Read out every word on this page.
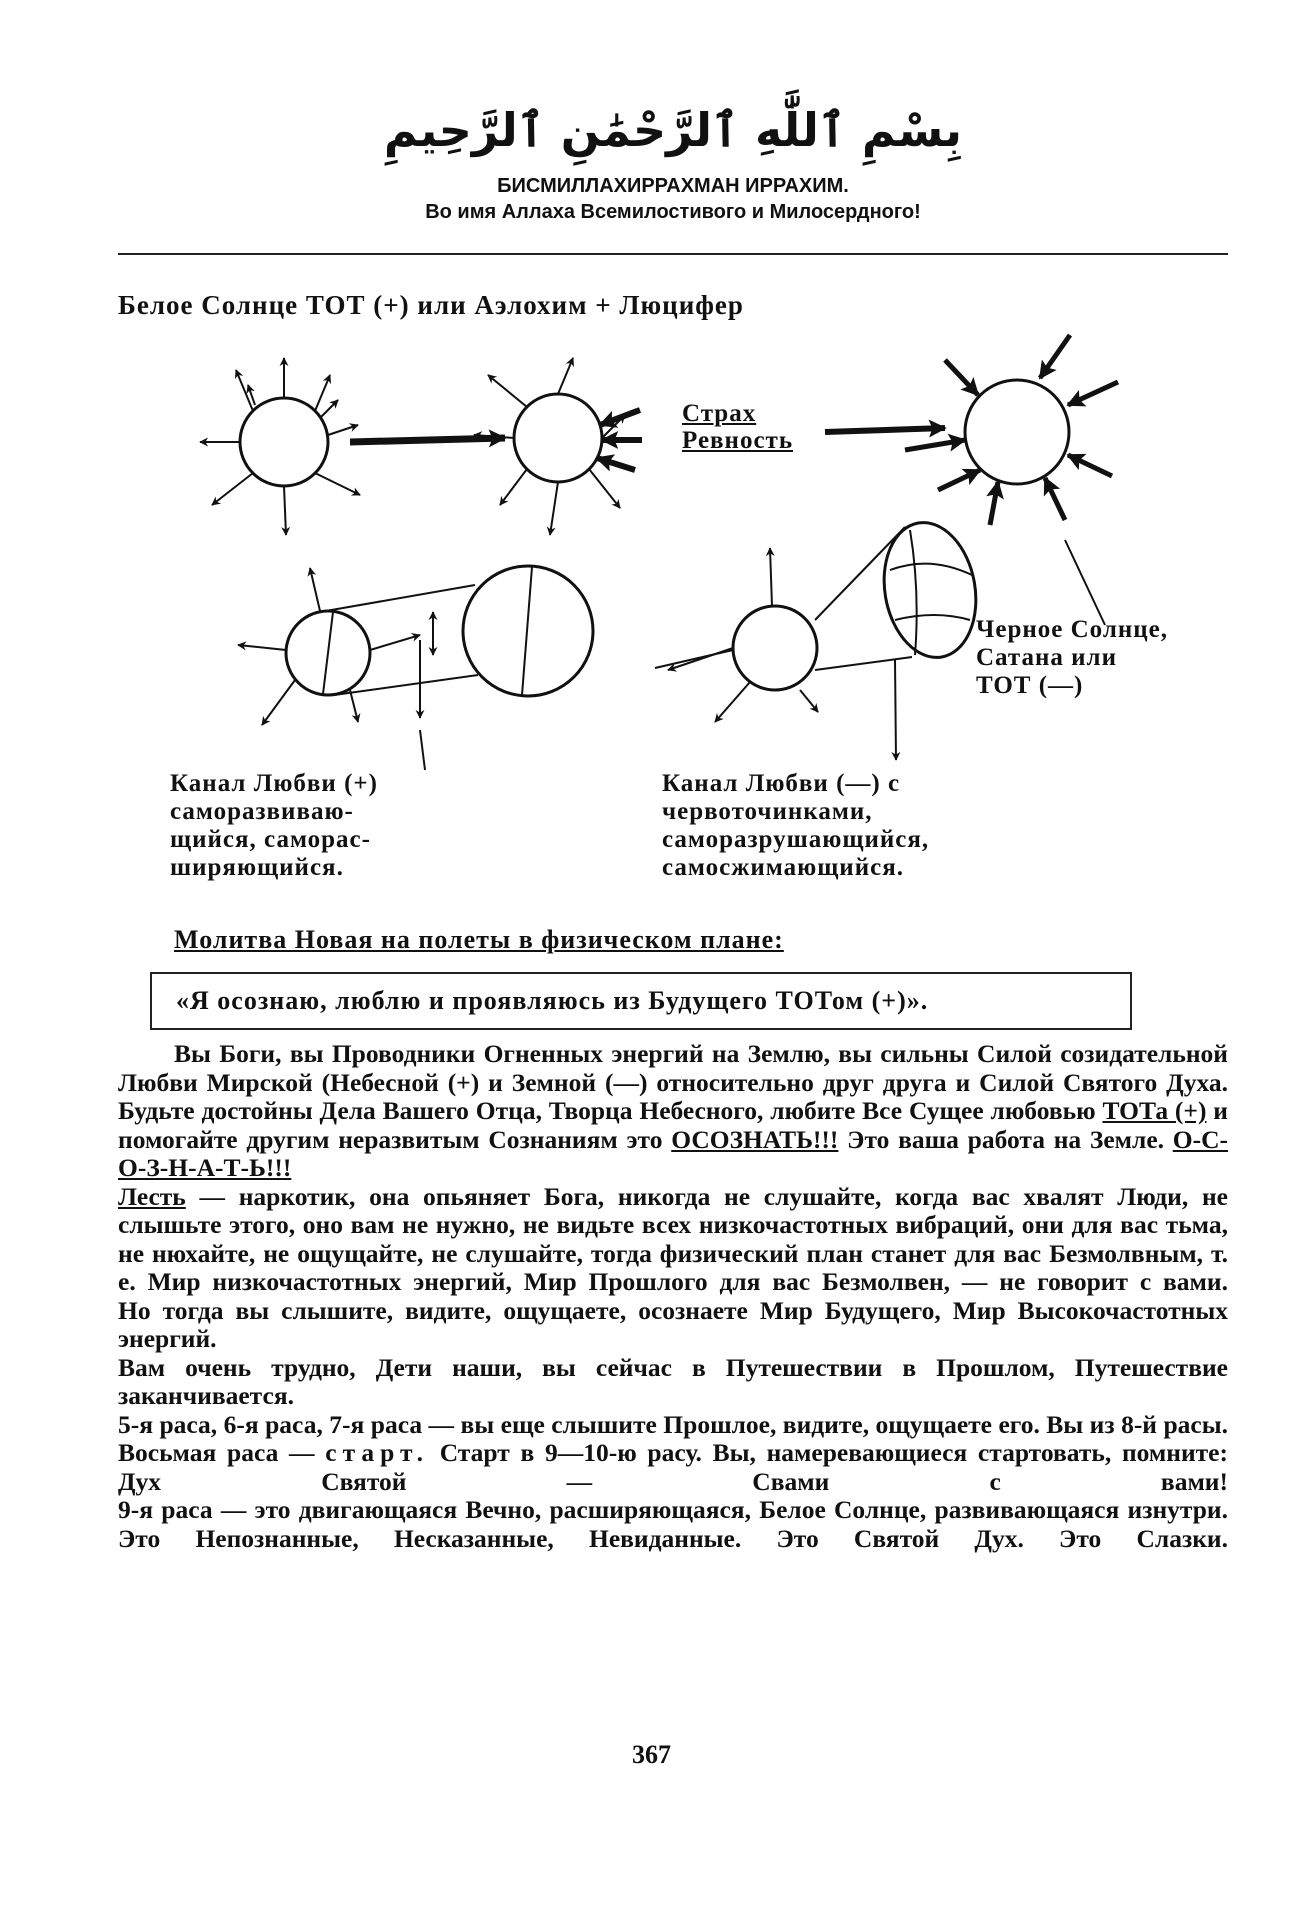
بِسْمِ ٱللَّٰهِ ٱلرَّحْمَٰنِ ٱلرَّحِيمِ
БИСМИЛЛАХИРРАХМАН ИРРАХИМ.
Во имя Аллаха Всемилостивого и Милосердного!
Белое Солнце ТОТ (+) или Аэлохим + Люцифер
Страх
Ревность
Черное Солнце,
Сатана или
ТОТ (—)
Канал Любви (+)
саморазвиваю-
щийся, саморас-
ширяющийся.
Канал Любви (—) с
червоточинками,
саморазрушающийся,
самосжимающийся.
Молитва Новая на полеты в физическом плане:
«Я осознаю, люблю и проявляюсь из Будущего ТОТом (+)».

Вы Боги, вы Проводники Огненных энергий на Землю, вы сильны Силой созидательной Любви Мирской (Небесной (+) и Земной (—) относительно друг друга и Силой Святого Духа. Будьте достойны Дела Вашего Отца, Творца Небесного, любите Все Сущее любовью ТОТа (+) и помогайте другим неразвитым Сознаниям это ОСОЗНАТЬ!!! Это ваша работа на Земле. О-С-О-З-Н-А-Т-Ь!!!

Лесть — наркотик, она опьяняет Бога, никогда не слушайте, когда вас хвалят Люди, не слышьте этого, оно вам не нужно, не видьте всех низкочастотных вибраций, они для вас тьма, не нюхайте, не ощущайте, не слушайте, тогда физический план станет для вас Безмолвным, т. е. Мир низкочастотных энергий, Мир Прошлого для вас Безмолвен, — не говорит с вами.

Но тогда вы слышите, видите, ощущаете, осознаете Мир Будущего, Мир Высокочастотных энергий.

Вам очень трудно, Дети наши, вы сейчас в Путешествии в Прошлом, Путешествие заканчивается.

5-я раса, 6-я раса, 7-я раса — вы еще слышите Прошлое, видите, ощущаете его. Вы из 8-й расы.

Восьмая раса — старт. Старт в 9—10-ю расу. Вы, намеревающиеся стартовать, помните: Дух Святой — Свами с вами!

9-я раса — это двигающаяся Вечно, расширяющаяся, Белое Солнце, развивающаяся изнутри. Это Непознанные, Несказанные, Невиданные. Это Святой Дух. Это Слазки.

367
